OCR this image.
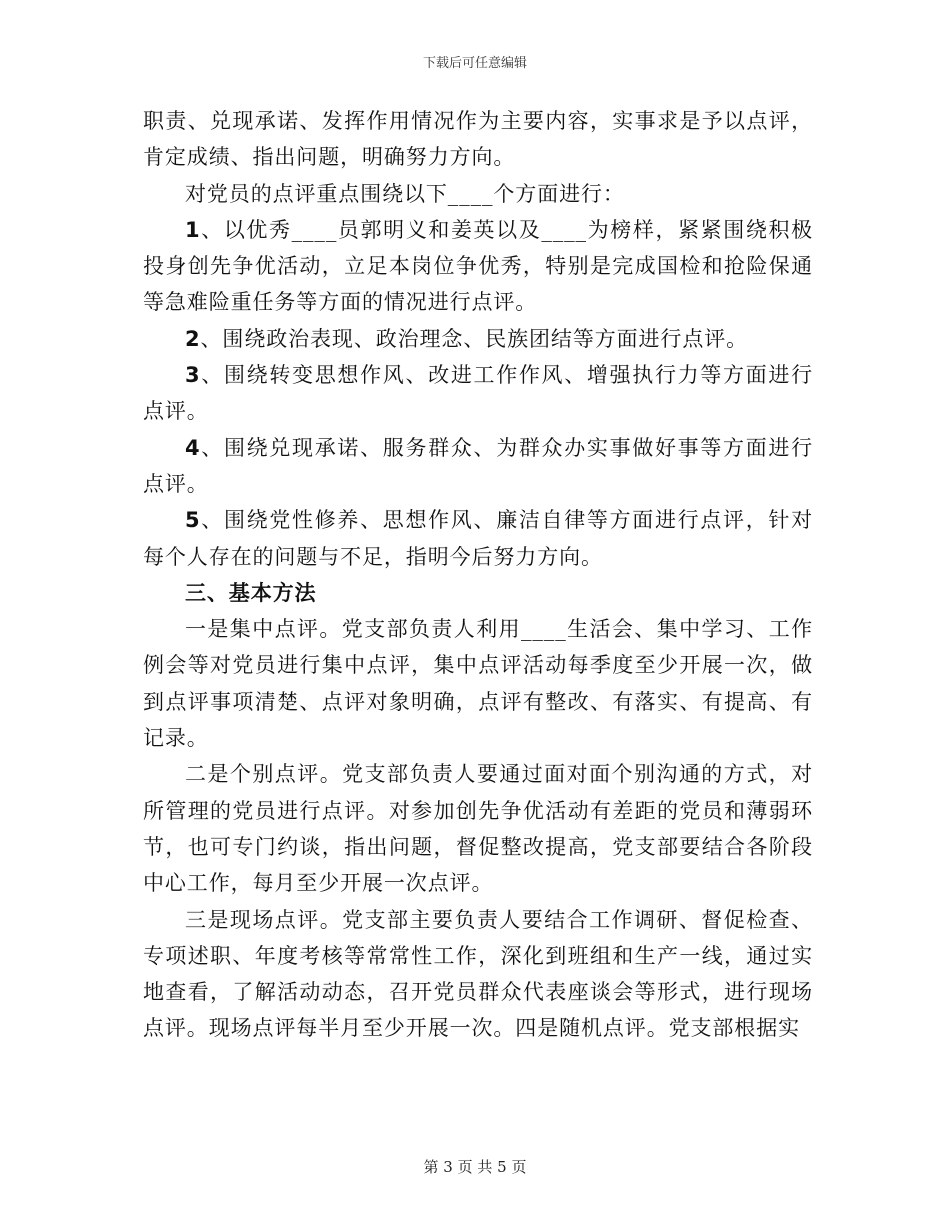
下载后可任意编辑

职责、兑现承诺、发挥作用情况作为主要内容，实事求是予以点评，肯定成绩、指出问题，明确努力方向。

对党员的点评重点围绕以下____个方面进行：

1、以优秀____员郭明义和姜英以及____为榜样，紧紧围绕积极投身创先争优活动，立足本岗位争优秀，特别是完成国检和抢险保通等急难险重任务等方面的情况进行点评。

2、围绕政治表现、政治理念、民族团结等方面进行点评。

3、围绕转变思想作风、改进工作作风、增强执行力等方面进行点评。

4、围绕兑现承诺、服务群众、为群众办实事做好事等方面进行点评。

5、围绕党性修养、思想作风、廉洁自律等方面进行点评，针对每个人存在的问题与不足，指明今后努力方向。

三、基本方法

一是集中点评。党支部负责人利用____生活会、集中学习、工作例会等对党员进行集中点评，集中点评活动每季度至少开展一次，做到点评事项清楚、点评对象明确，点评有整改、有落实、有提高、有记录。

二是个别点评。党支部负责人要通过面对面个别沟通的方式，对所管理的党员进行点评。对参加创先争优活动有差距的党员和薄弱环节，也可专门约谈，指出问题，督促整改提高，党支部要结合各阶段中心工作，每月至少开展一次点评。

三是现场点评。党支部主要负责人要结合工作调研、督促检查、专项述职、年度考核等常常性工作，深化到班组和生产一线，通过实地查看，了解活动动态，召开党员群众代表座谈会等形式，进行现场点评。现场点评每半月至少开展一次。四是随机点评。党支部根据实

第 3 页 共 5 页
